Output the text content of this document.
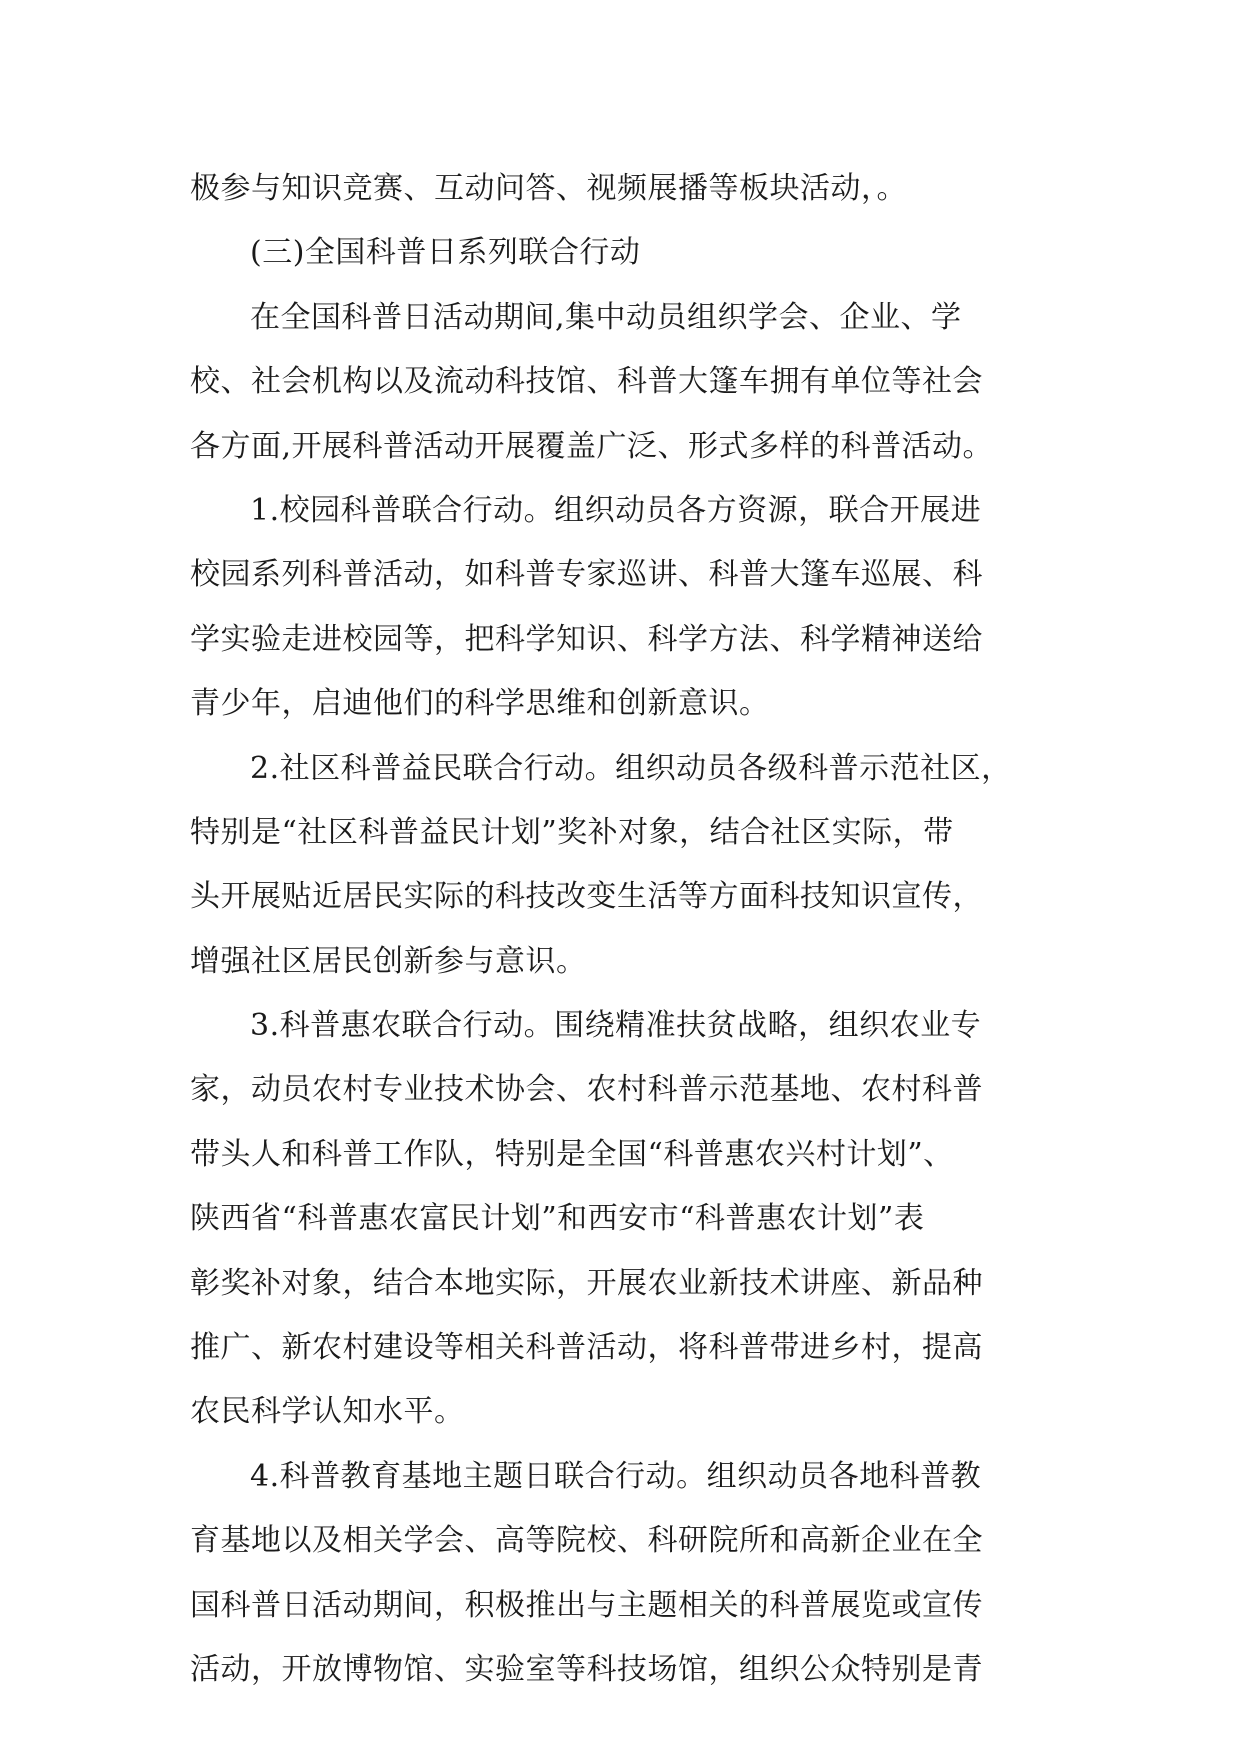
极参与知识竞赛、互动问答、视频展播等板块活动，。
(三)全国科普日系列联合行动
在全国科普日活动期间,集中动员组织学会、企业、学
校、社会机构以及流动科技馆、科普大篷车拥有单位等社会
各方面,开展科普活动开展覆盖广泛、形式多样的科普活动。
1.校园科普联合行动。组织动员各方资源，联合开展进
校园系列科普活动，如科普专家巡讲、科普大篷车巡展、科
学实验走进校园等，把科学知识、科学方法、科学精神送给
青少年，启迪他们的科学思维和创新意识。
2.社区科普益民联合行动。组织动员各级科普示范社区，
特别是“社区科普益民计划”奖补对象，结合社区实际，带
头开展贴近居民实际的科技改变生活等方面科技知识宣传，
增强社区居民创新参与意识。
3.科普惠农联合行动。围绕精准扶贫战略，组织农业专
家，动员农村专业技术协会、农村科普示范基地、农村科普
带头人和科普工作队，特别是全国“科普惠农兴村计划”、
陕西省“科普惠农富民计划”和西安市“科普惠农计划”表
彰奖补对象，结合本地实际，开展农业新技术讲座、新品种
推广、新农村建设等相关科普活动，将科普带进乡村，提高
农民科学认知水平。
4.科普教育基地主题日联合行动。组织动员各地科普教
育基地以及相关学会、高等院校、科研院所和高新企业在全
国科普日活动期间，积极推出与主题相关的科普展览或宣传
活动，开放博物馆、实验室等科技场馆，组织公众特别是青
